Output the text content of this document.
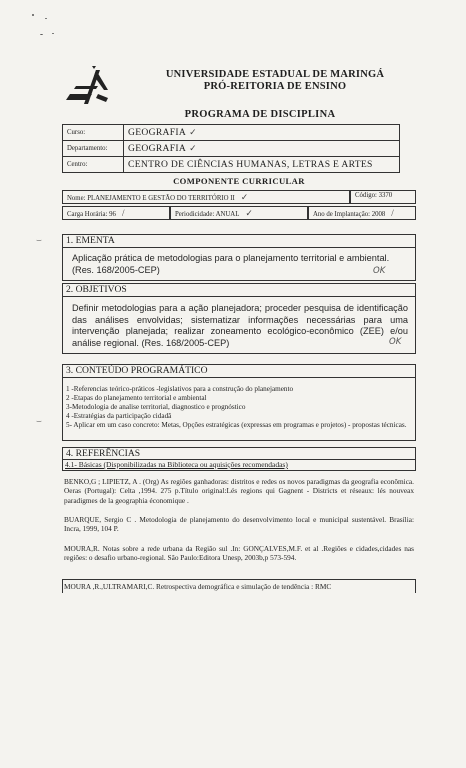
UNIVERSIDADE ESTADUAL DE MARINGÁ
PRÓ-REITORIA DE ENSINO
PROGRAMA DE DISCIPLINA
Curso:	GEOGRAFIA ✓
Departamento:	GEOGRAFIA ✓
Centro:	CENTRO DE CIÊNCIAS HUMANAS, LETRAS E ARTES
COMPONENTE CURRICULAR
Nome: PLANEJAMENTO E GESTÃO DO TERRITÓRIO II ✓	Código: 3370
Carga Horária: 96 /	Periodicidade: ANUAL ✓	Ano de Implantação: 2008 /
1. EMENTA
Aplicação prática de metodologias para o planejamento territorial e ambiental. (Res. 168/2005-CEP)	OK
2. OBJETIVOS
Definir metodologias para a ação planejadora; proceder pesquisa de identificação das análises envolvidas; sistematizar informações necessárias para uma intervenção planejada; realizar zoneamento ecológico-econômico (ZEE) e/ou análise regional. (Res. 168/2005-CEP)	OK
3. CONTEÚDO PROGRAMÁTICO
1 -Referencias teórico-práticos -legislativos para a construção do planejamento
2 -Etapas do planejamento territorial e ambiental
3-Metodologia de analise territorial, diagnostico e prognóstico
4 -Estratégias da participação cidadã
5- Aplicar em um caso concreto: Metas, Opções estratégicas (expressas em programas e projetos) - propostas técnicas.
4. REFERÊNCIAS
4.1- Básicas (Disponibilizadas na Biblioteca ou aquisições recomendadas)
BENKO,G ; LIPIETZ, A . (Org) As regiões ganhadoras: distritos e redes os novos paradigmas da geografia econômica. Oeras (Portugal): Celta ,1994. 275 p.Título original:Lés regions qui Gagnent - Districts et réseaux: lés nouveax paradigmes de la geographia économique .
BUARQUE, Sergio C . Metodologia de planejamento do desenvolvimento local e municipal sustentável. Brasília: Incra, 1999, 104 P.
MOURA,R. Notas sobre a rede urbana da Região sul .In: GONÇALVES,M.F. et al .Regiões e cidades,cidades nas regiões: o desafio urbano-regional. São Paulo:Editora Unesp, 2003b,p 573-594.
MOURA ,R.,ULTRAMARI,C. Retrospectiva demográfica e simulação de tendência : RMC
⌣
⌣
